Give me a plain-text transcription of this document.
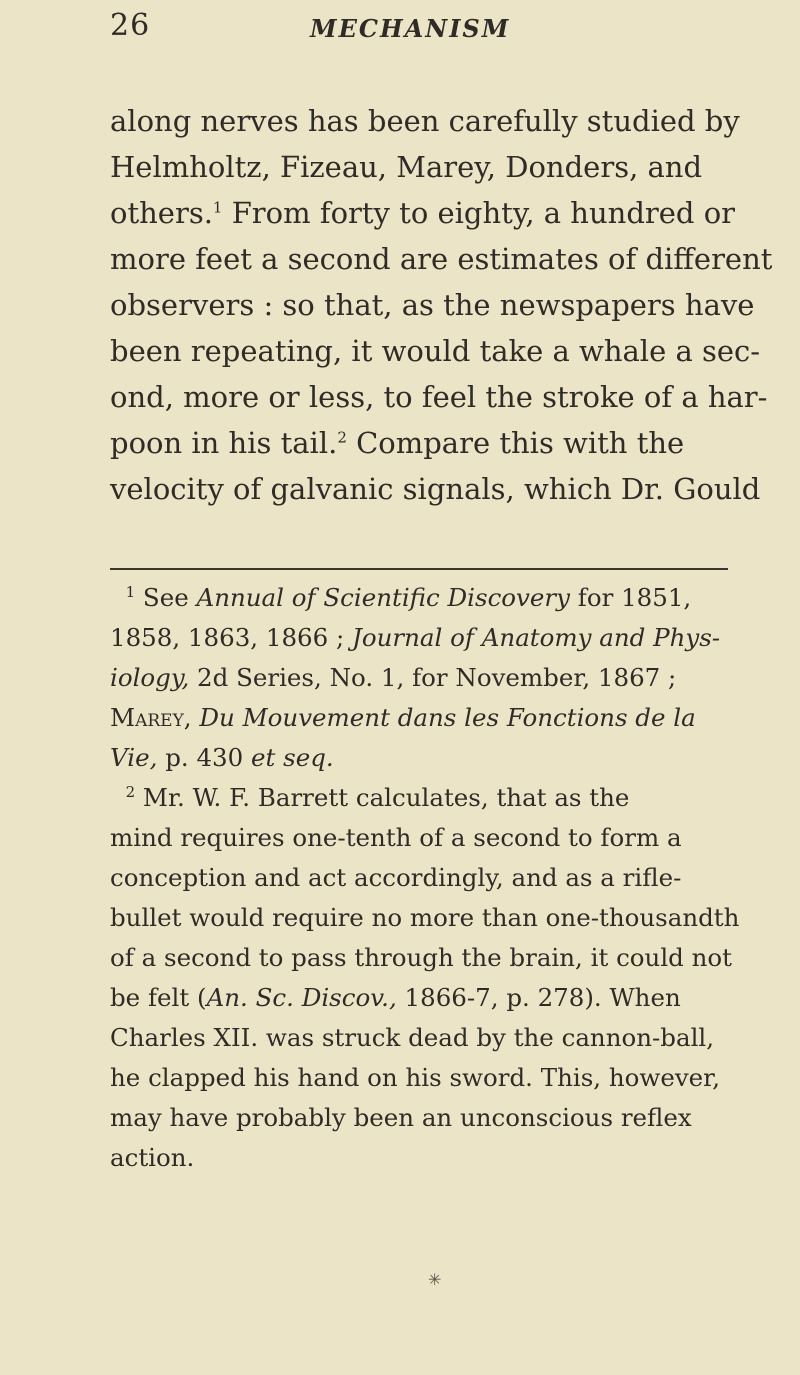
26	MECHANISM
along nerves has been carefully studied by
Helmholtz, Fizeau, Marey, Donders, and
others.$^1$ From forty to eighty, a hundred or
more feet a second are estimates of different
observers : so that, as the newspapers have
been repeating, it would take a whale a sec-
ond, more or less, to feel the stroke of a har-
poon in his tail.$^2$ Compare this with the
velocity of galvanic signals, which Dr. Gould
$^1$ See Annual of Scientific Discovery for 1851,
1858, 1863, 1866 ; Journal of Anatomy and Phys-
iology, 2d Series, No. 1, for November, 1867 ;
Marey, Du Mouvement dans les Fonctions de la
Vie, p. 430 et seq.
$^2$ Mr. W. F. Barrett calculates, that as the
mind requires one-tenth of a second to form a
conception and act accordingly, and as a rifle-
bullet would require no more than one-thousandth
of a second to pass through the brain, it could not
be felt (An. Sc. Discov., 1866-7, p. 278). When
Charles XII. was struck dead by the cannon-ball,
he clapped his hand on his sword. This, however,
may have probably been an unconscious reflex
action.
✳
